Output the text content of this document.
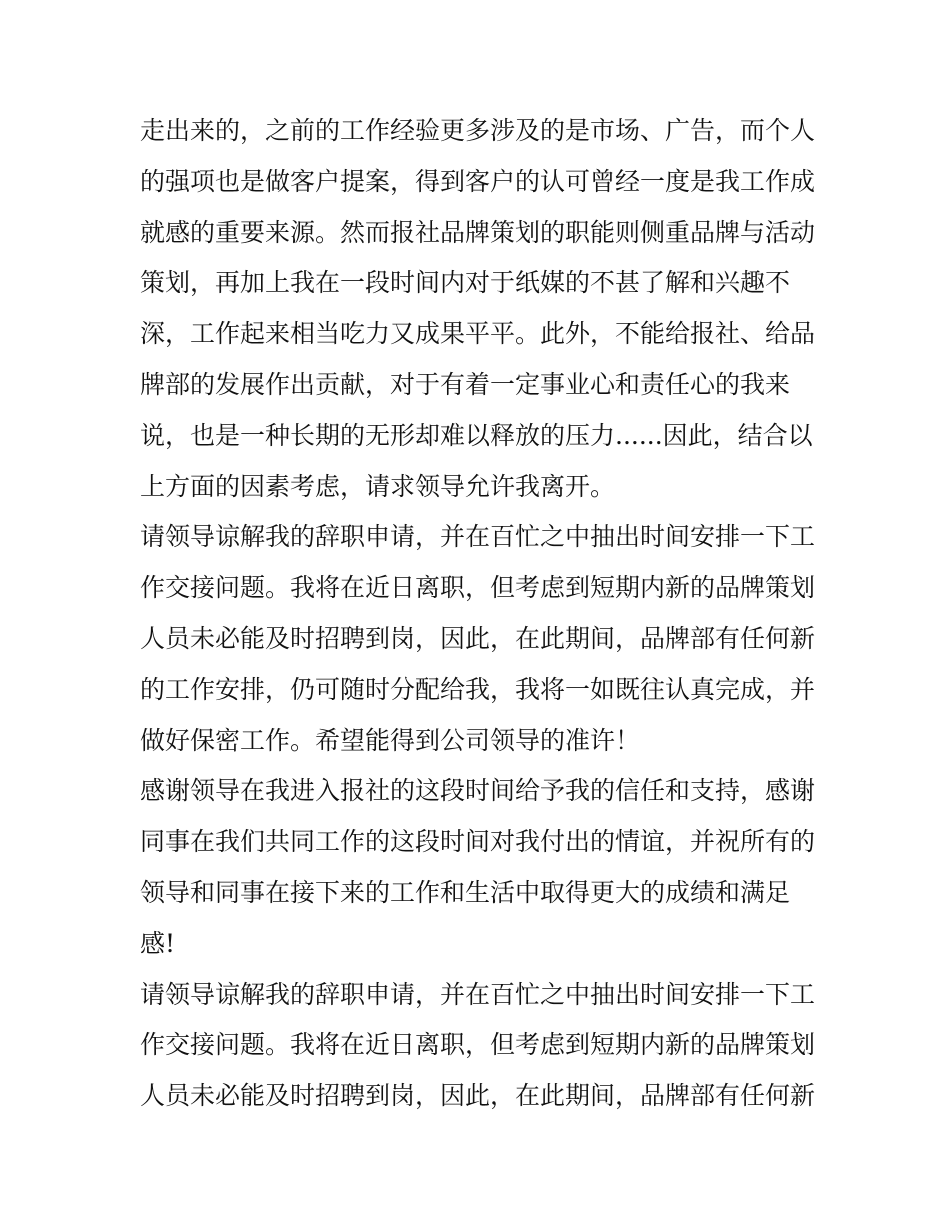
走出来的，之前的工作经验更多涉及的是市场、广告，而个人
的强项也是做客户提案，得到客户的认可曾经一度是我工作成
就感的重要来源。然而报社品牌策划的职能则侧重品牌与活动
策划，再加上我在一段时间内对于纸媒的不甚了解和兴趣不
深，工作起来相当吃力又成果平平。此外，不能给报社、给品
牌部的发展作出贡献，对于有着一定事业心和责任心的我来
说，也是一种长期的无形却难以释放的压力......因此，结合以
上方面的因素考虑，请求领导允许我离开。
请领导谅解我的辞职申请，并在百忙之中抽出时间安排一下工
作交接问题。我将在近日离职，但考虑到短期内新的品牌策划
人员未必能及时招聘到岗，因此，在此期间，品牌部有任何新
的工作安排，仍可随时分配给我，我将一如既往认真完成，并
做好保密工作。希望能得到公司领导的准许！
感谢领导在我进入报社的这段时间给予我的信任和支持，感谢
同事在我们共同工作的这段时间对我付出的情谊，并祝所有的
领导和同事在接下来的工作和生活中取得更大的成绩和满足
感!
请领导谅解我的辞职申请，并在百忙之中抽出时间安排一下工
作交接问题。我将在近日离职，但考虑到短期内新的品牌策划
人员未必能及时招聘到岗，因此，在此期间，品牌部有任何新
